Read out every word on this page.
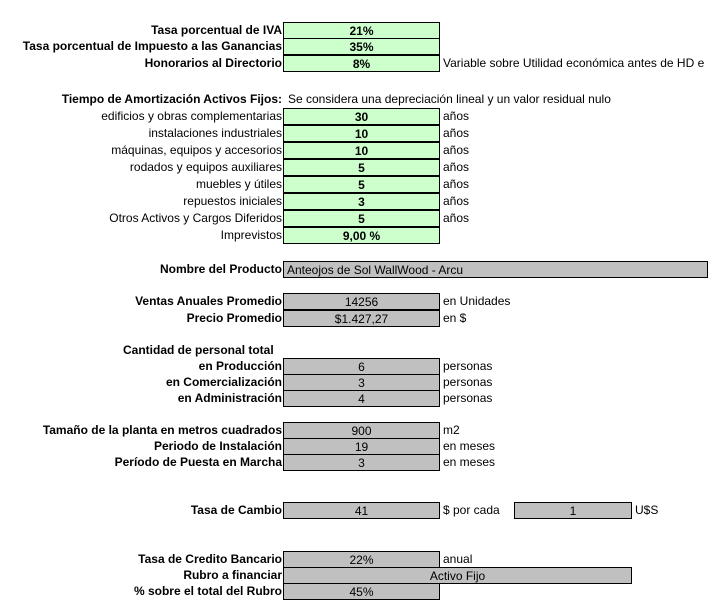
Tasa porcentual de IVA	21%
Tasa porcentual de Impuesto a las Ganancias	35%
Honorarios al Directorio	8%	Variable sobre Utilidad económica antes de HD e
Tiempo de Amortización Activos Fijos: Se considera una depreciación lineal y un valor residual nulo
edificios y obras complementarias	30	años
instalaciones industriales	10	años
máquinas, equipos y accesorios	10	años
rodados y equipos auxiliares	5	años
muebles y útiles	5	años
repuestos iniciales	3	años
Otros Activos y Cargos Diferidos	5	años
Imprevistos	9,00 %
Nombre del Producto Anteojos de Sol WallWood - Arcu
Ventas Anuales Promedio	14256	en Unidades
Precio Promedio	$1.427,27	en $
Cantidad de personal total
en Producción	6	personas
en Comercialización	3	personas
en Administración	4	personas
Tamaño de la planta en metros cuadrados	900	m2
Periodo de Instalación	19	en meses
Período de Puesta en Marcha	3	en meses
Tasa de Cambio	41	$ por cada	1	U$S
Tasa de Credito Bancario	22%	anual
Rubro a financiar	Activo Fijo
% sobre el total del Rubro	45%
